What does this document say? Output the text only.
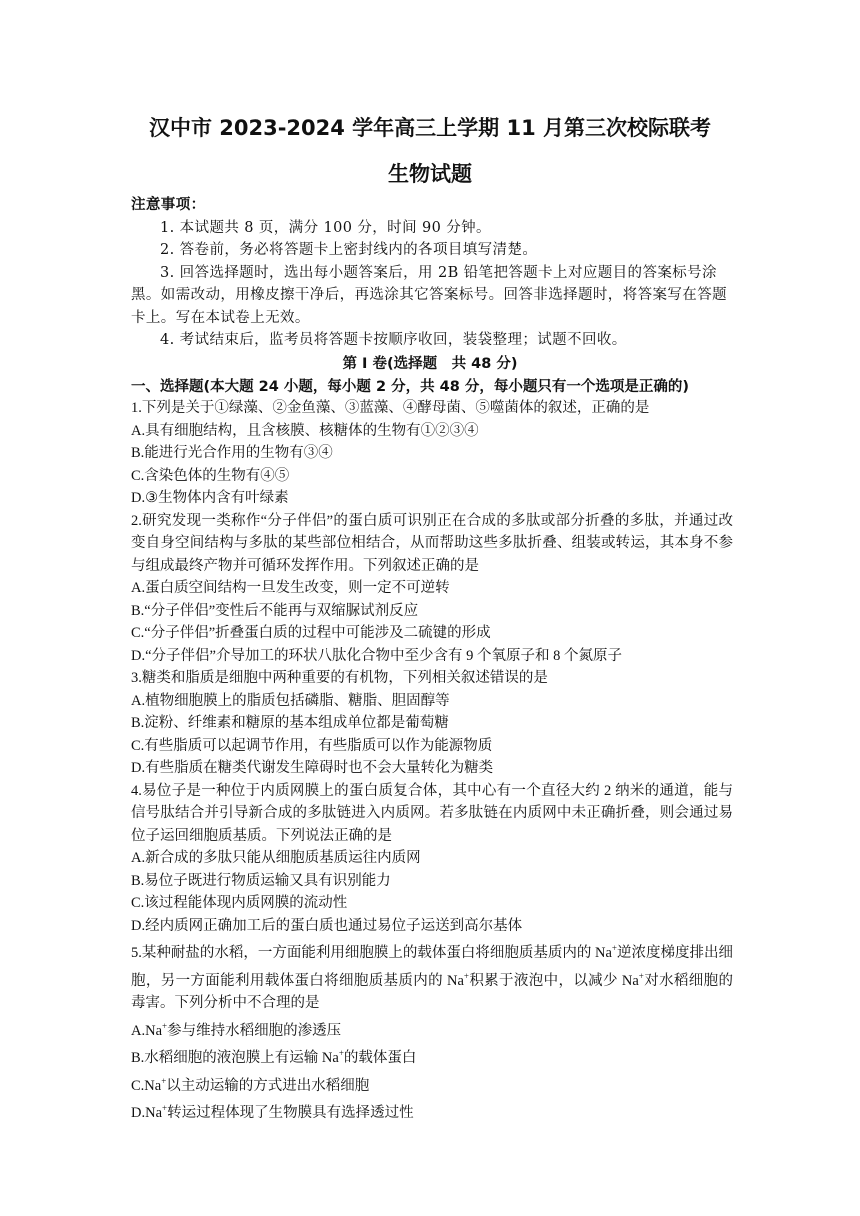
汉中市 2023-2024 学年高三上学期 11 月第三次校际联考
生物试题

注意事项：

1. 本试题共 8 页，满分 100 分，时间 90 分钟。

2. 答卷前，务必将答题卡上密封线内的各项目填写清楚。

3. 回答选择题时，选出每小题答案后，用 2B 铅笔把答题卡上对应题目的答案标号涂黑。如需改动，用橡皮擦干净后，再选涂其它答案标号。回答非选择题时，将答案写在答题卡上。写在本试卷上无效。

4. 考试结束后，监考员将答题卡按顺序收回，装袋整理；试题不回收。

第 I 卷(选择题　共 48 分)
一、选择题(本大题 24 小题，每小题 2 分，共 48 分，每小题只有一个选项是正确的)
1.下列是关于①绿藻、②金鱼藻、③蓝藻、④酵母菌、⑤噬菌体的叙述，正确的是
A.具有细胞结构，且含核膜、核糖体的生物有①②③④
B.能进行光合作用的生物有③④
C.含染色体的生物有④⑤
D.③生物体内含有叶绿素
2.研究发现一类称作“分子伴侣”的蛋白质可识别正在合成的多肽或部分折叠的多肽，并通过改变自身空间结构与多肽的某些部位相结合，从而帮助这些多肽折叠、组装或转运，其本身不参与组成最终产物并可循环发挥作用。下列叙述正确的是
A.蛋白质空间结构一旦发生改变，则一定不可逆转
B.“分子伴侣”变性后不能再与双缩脲试剂反应
C.“分子伴侣”折叠蛋白质的过程中可能涉及二硫键的形成
D.“分子伴侣”介导加工的环状八肽化合物中至少含有 9 个氧原子和 8 个氮原子
3.糖类和脂质是细胞中两种重要的有机物，下列相关叙述错误的是
A.植物细胞膜上的脂质包括磷脂、糖脂、胆固醇等
B.淀粉、纤维素和糖原的基本组成单位都是葡萄糖
C.有些脂质可以起调节作用，有些脂质可以作为能源物质
D.有些脂质在糖类代谢发生障碍时也不会大量转化为糖类
4.易位子是一种位于内质网膜上的蛋白质复合体，其中心有一个直径大约 2 纳米的通道，能与信号肽结合并引导新合成的多肽链进入内质网。若多肽链在内质网中未正确折叠，则会通过易位子运回细胞质基质。下列说法正确的是
A.新合成的多肽只能从细胞质基质运往内质网
B.易位子既进行物质运输又具有识别能力
C.该过程能体现内质网膜的流动性
D.经内质网正确加工后的蛋白质也通过易位子运送到高尔基体
5.某种耐盐的水稻，一方面能利用细胞膜上的载体蛋白将细胞质基质内的 Na+逆浓度梯度排出细胞，另一方面能利用载体蛋白将细胞质基质内的 Na+积累于液泡中，以减少 Na+对水稻细胞的毒害。下列分析中不合理的是
A.Na+参与维持水稻细胞的渗透压
B.水稻细胞的液泡膜上有运输 Na+的载体蛋白
C.Na+以主动运输的方式进出水稻细胞
D.Na+转运过程体现了生物膜具有选择透过性
